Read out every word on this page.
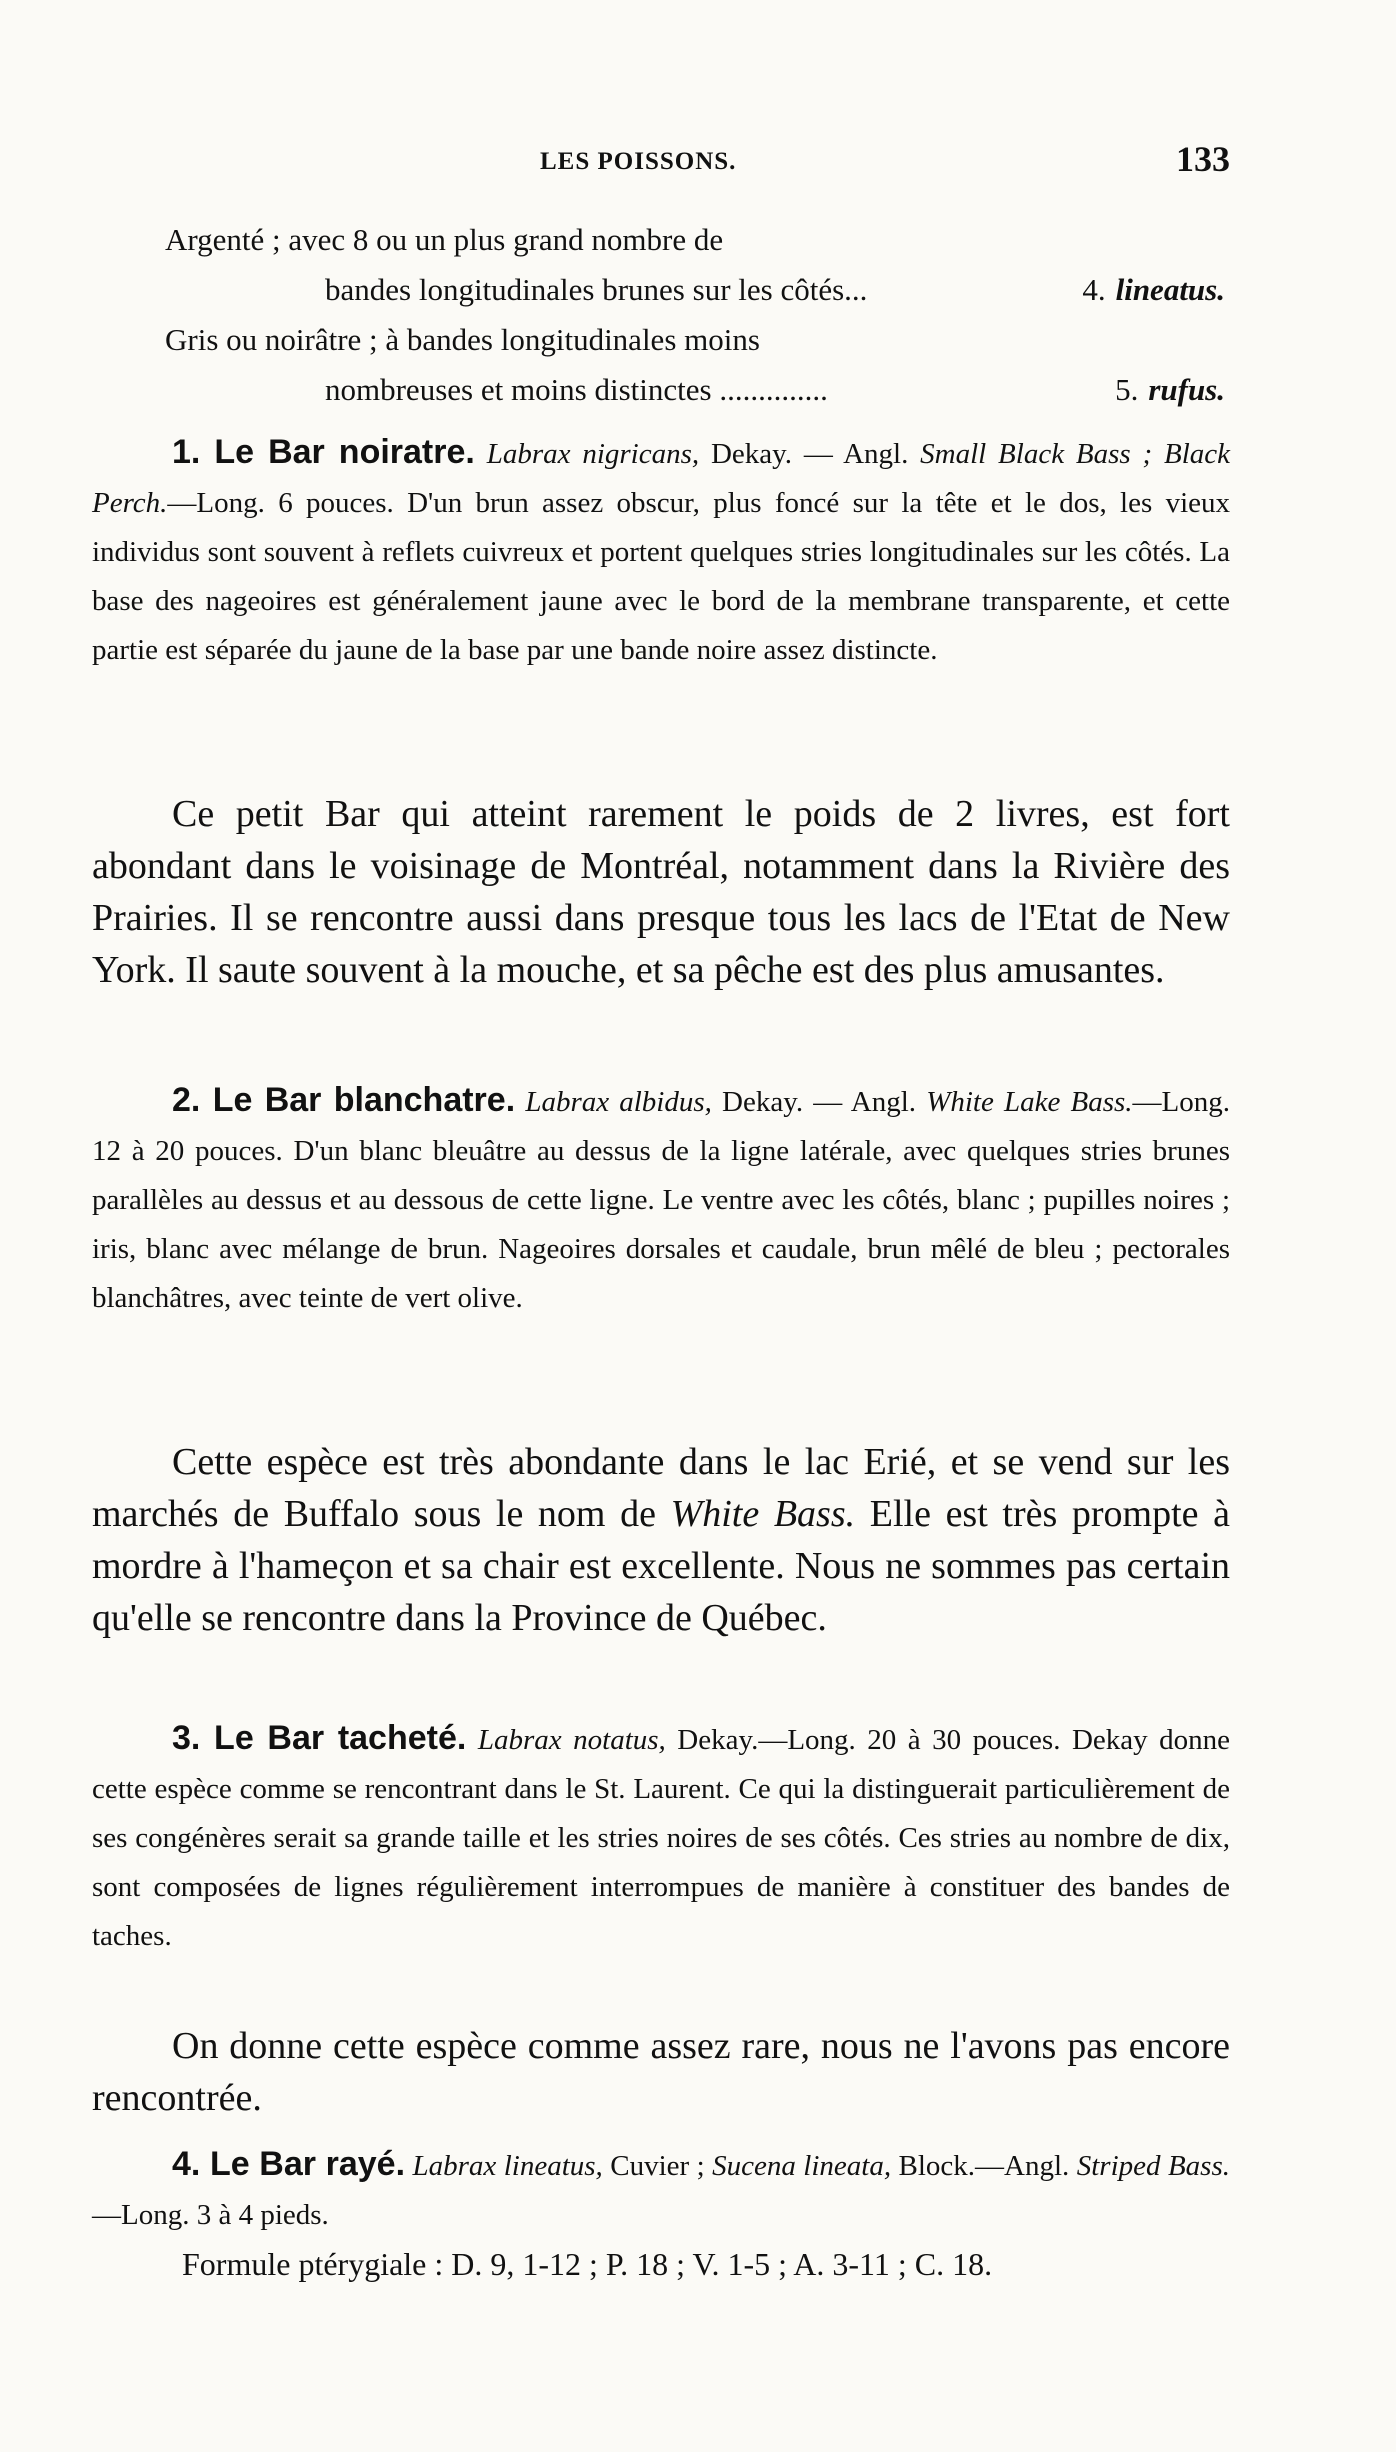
LES POISSONS.	133
Argenté ; avec 8 ou un plus grand nombre de
bandes longitudinales brunes sur les côtés...	4. lineatus.
Gris ou noirâtre ; à bandes longitudinales moins
nombreuses et moins distinctes ..............	5. rufus.

1. Le Bar noiratre. Labrax nigricans, Dekay. — Angl. Small Black Bass ; Black Perch.—Long. 6 pouces. D'un brun assez obscur, plus foncé sur la tête et le dos, les vieux individus sont souvent à reflets cuivreux et portent quelques stries longitudinales sur les côtés. La base des nageoires est généralement jaune avec le bord de la membrane transparente, et cette partie est séparée du jaune de la base par une bande noire assez distincte.

Ce petit Bar qui atteint rarement le poids de 2 livres, est fort abondant dans le voisinage de Montréal, notamment dans la Rivière des Prairies. Il se rencontre aussi dans presque tous les lacs de l'Etat de New York. Il saute souvent à la mouche, et sa pêche est des plus amusantes.

2. Le Bar blanchatre. Labrax albidus, Dekay. — Angl. White Lake Bass.—Long. 12 à 20 pouces. D'un blanc bleuâtre au dessus de la ligne latérale, avec quelques stries brunes parallèles au dessus et au dessous de cette ligne. Le ventre avec les côtés, blanc ; pupilles noires ; iris, blanc avec mélange de brun. Nageoires dorsales et caudale, brun mêlé de bleu ; pectorales blanchâtres, avec teinte de vert olive.

Cette espèce est très abondante dans le lac Erié, et se vend sur les marchés de Buffalo sous le nom de White Bass. Elle est très prompte à mordre à l'hameçon et sa chair est excellente. Nous ne sommes pas certain qu'elle se rencontre dans la Province de Québec.

3. Le Bar tacheté. Labrax notatus, Dekay.—Long. 20 à 30 pouces. Dekay donne cette espèce comme se rencontrant dans le St. Laurent. Ce qui la distinguerait particulièrement de ses congénères serait sa grande taille et les stries noires de ses côtés. Ces stries au nombre de dix, sont composées de lignes régulièrement interrompues de manière à constituer des bandes de taches.

On donne cette espèce comme assez rare, nous ne l'avons pas encore rencontrée.

4. Le Bar rayé. Labrax lineatus, Cuvier ; Sucena lineata, Block.—Angl. Striped Bass.—Long. 3 à 4 pieds.

Formule ptérygiale : D. 9, 1-12 ; P. 18 ; V. 1-5 ; A. 3-11 ; C. 18.
